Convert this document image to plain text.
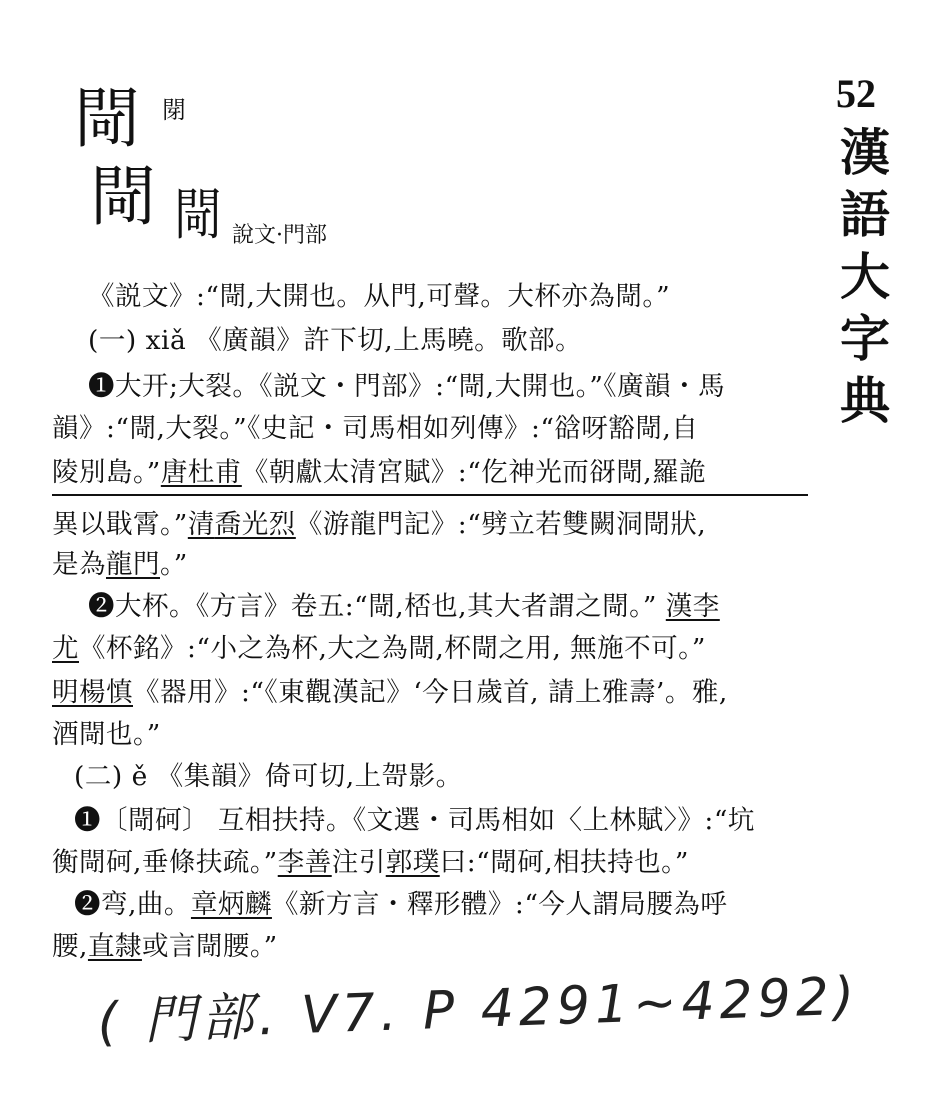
閜 閕
閜 閜 說文·門部
52
漢
語
大
字
典
《説文》:“閜,大開也。从門,可聲。大杯亦為閜。”
(一) xiǎ 《廣韻》許下切,上馬曉。歌部。
❶大开;大裂。《説文・門部》:“閜,大開也。”《廣韻・馬
韻》:“閜,大裂。”《史記・司馬相如列傳》:“谽呀豁閜,自
陵別島。”唐杜甫《朝獻太清宮賦》:“仡神光而谺閜,羅詭
異以戢霄。”清喬光烈《游龍門記》:“劈立若雙闕洞閜狀,
是為龍門。”
❷大杯。《方言》卷五:“閜,桮也,其大者謂之閜。” 漢李
尤《杯銘》:“小之為杯,大之為閜,杯閜之用, 無施不可。”
明楊慎《器用》:“《東觀漢記》‘今日歲首, 請上雅壽’。雅,
酒閜也。”
(二) ě 《集韻》倚可切,上哿影。
❶〔閜砢〕 互相扶持。《文選・司馬相如〈上林賦〉》:“坑
衡閜砢,垂條扶疏。”李善注引郭璞曰:“閜砢,相扶持也。”
❷弯,曲。章炳麟《新方言・釋形體》:“今人謂局腰為呼
腰,直隸或言閜腰。”
( 門部. V7. P 4291~4292)
